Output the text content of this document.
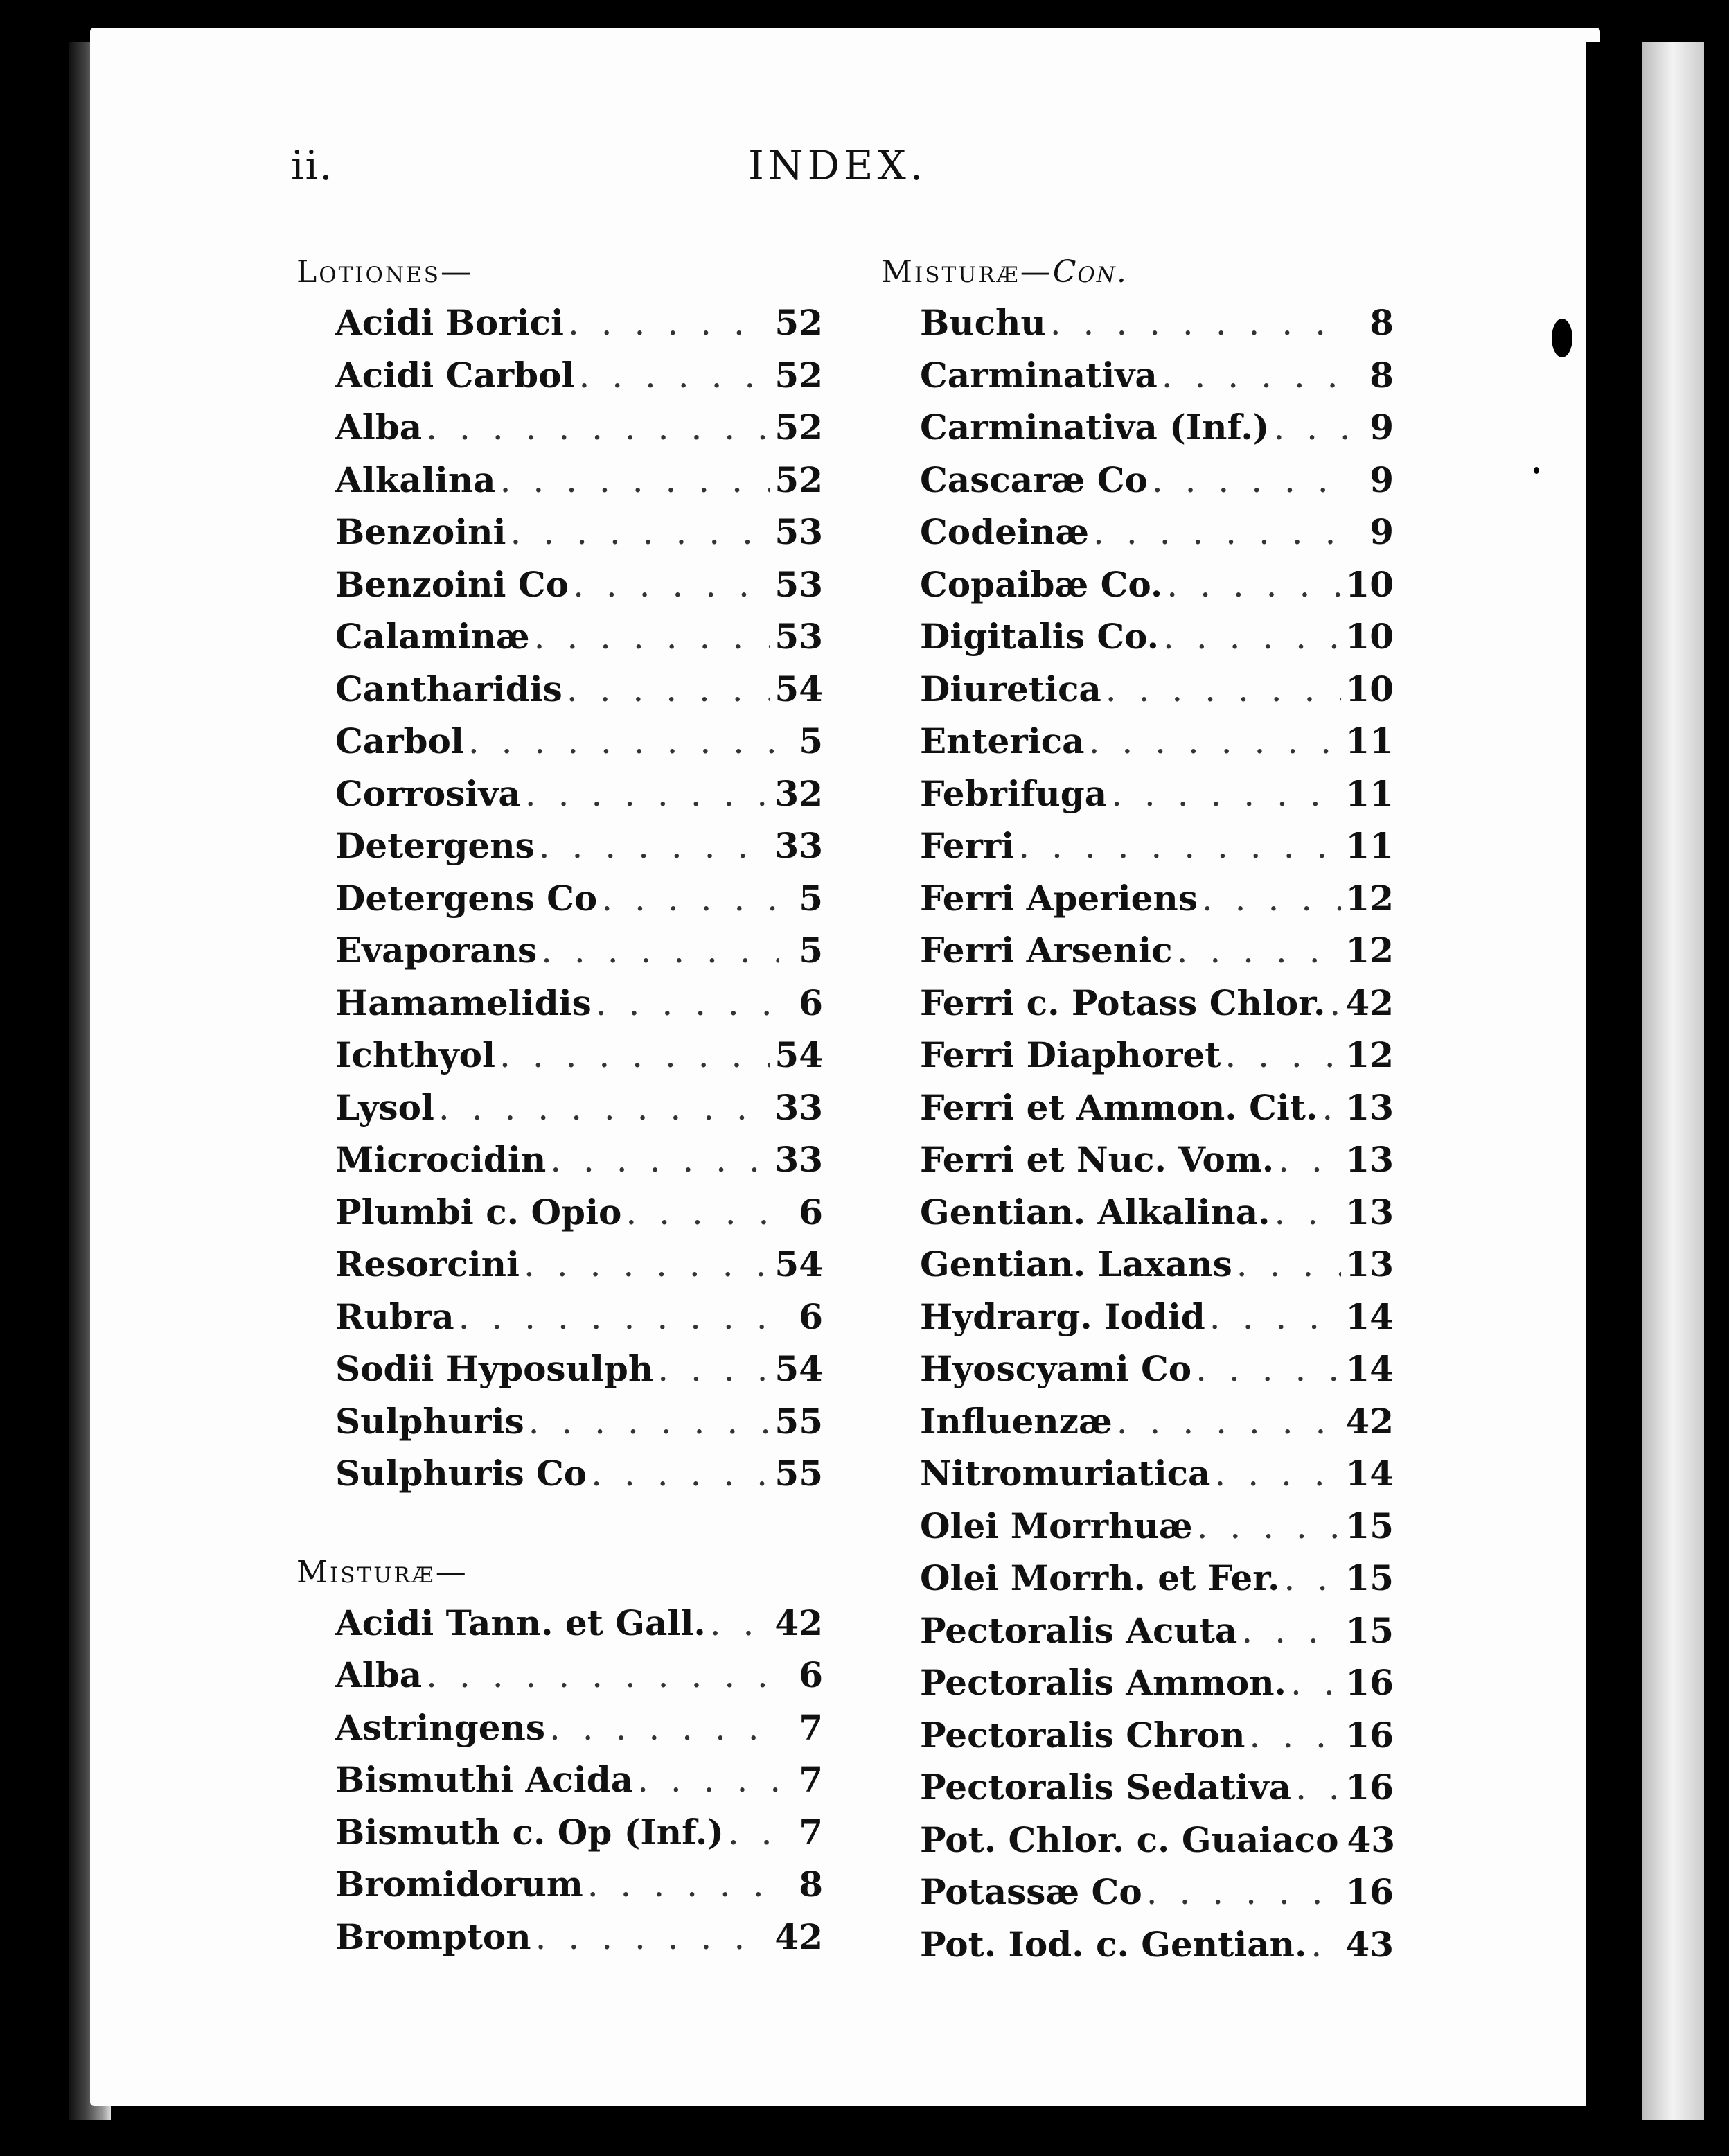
ii.	INDEX.
Lotiones—
Acidi Borici . . .	52
Acidi Carbol . . .	52
Alba . . .	52
Alkalina . . .	52
Benzoini . . .	53
Benzoini Co . . .	53
Calaminæ . . .	53
Cantharidis . . .	54
Carbol . . .	5
Corrosiva . . .	32
Detergens . . .	33
Detergens Co . . .	5
Evaporans . . .	5
Hamamelidis . . .	6
Ichthyol . . .	54
Lysol . . .	33
Microcidin . . .	33
Plumbi c. Opio . . .	6
Resorcini . . .	54
Rubra . . .	6
Sodii Hyposulph . . .	54
Sulphuris . . .	55
Sulphuris Co . . .	55
Misturæ—
Acidi Tann. et Gall. . . . 42
Alba . . .	6
Astringens . . .	7
Bismuthi Acida . . .	7
Bismuth c. Op (Inf.) . . .	7
Bromidorum . . .	8
Brompton . . .	42
Misturæ—Con.
Buchu . . .	8
Carminativa . . .	8
Carminativa (Inf.) . . .	9
Cascaræ Co . . .	9
Codeinæ . . .	9
Copaibæ Co. . . .	10
Digitalis Co. . . .	10
Diuretica . . .	10
Enterica . . .	11
Febrifuga . . .	11
Ferri . . .	11
Ferri Aperiens . . .	12
Ferri Arsenic . . .	12
Ferri c. Potass Chlor. . . . 42
Ferri Diaphoret . . .	12
Ferri et Ammon. Cit. . . . 13
Ferri et Nuc. Vom. . . . 13
Gentian. Alkalina. . . . 13
Gentian. Laxans . . .	13
Hydrarg. Iodid . . .	14
Hyoscyami Co . . .	14
Influenzæ . . .	42
Nitromuriatica . . .	14
Olei Morrhuæ . . .	15
Olei Morrh. et Fer. . . . 15
Pectoralis Acuta . . .	15
Pectoralis Ammon. . . . 16
Pectoralis Chron . . .	16
Pectoralis Sedativa . . . 16
Pot. Chlor. c. Guaiaco 43
Potassæ Co . . .	16
Pot. Iod. c. Gentian. . . . 43
